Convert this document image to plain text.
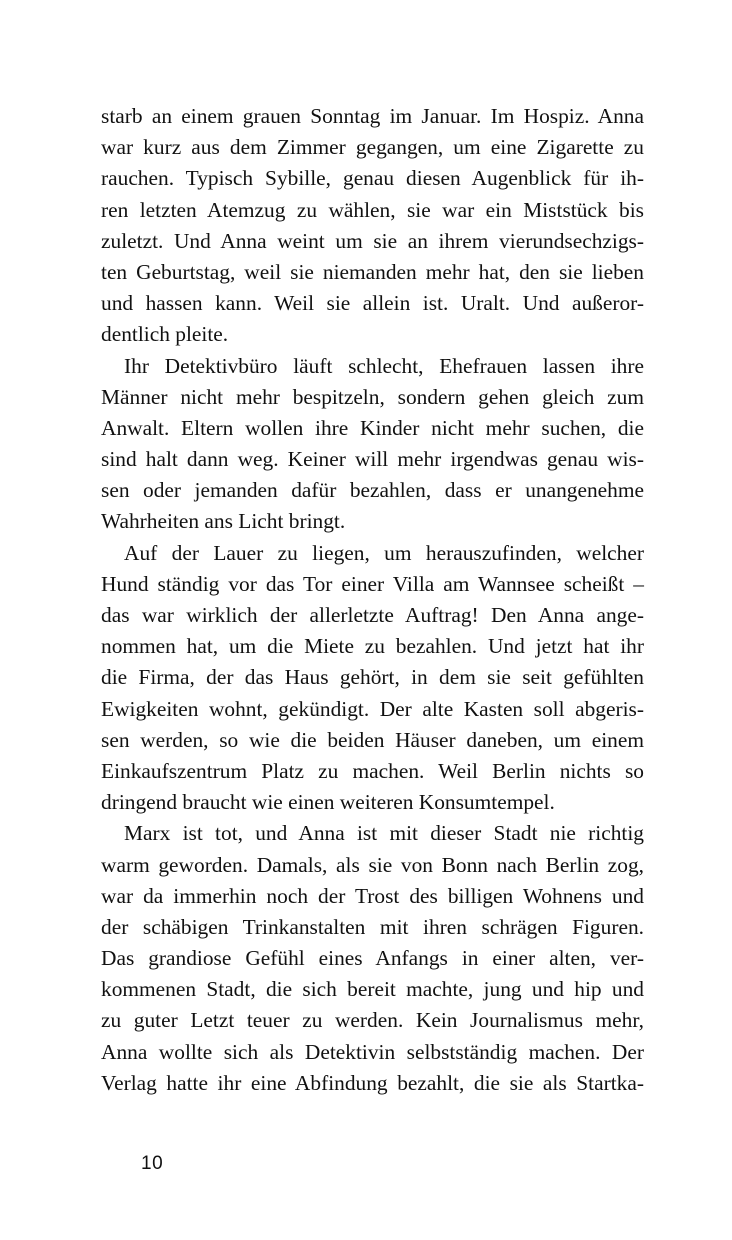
starb an einem grauen Sonntag im Januar. Im Hospiz. Anna
war kurz aus dem Zimmer gegangen, um eine Zigarette zu
rauchen. Typisch Sybille, genau diesen Augenblick für ih-
ren letzten Atemzug zu wählen, sie war ein Miststück bis
zuletzt. Und Anna weint um sie an ihrem vierundsechzigs-
ten Geburtstag, weil sie niemanden mehr hat, den sie lieben
und hassen kann. Weil sie allein ist. Uralt. Und außeror-
dentlich pleite.
Ihr Detektivbüro läuft schlecht, Ehefrauen lassen ihre
Männer nicht mehr bespitzeln, sondern gehen gleich zum
Anwalt. Eltern wollen ihre Kinder nicht mehr suchen, die
sind halt dann weg. Keiner will mehr irgendwas genau wis-
sen oder jemanden dafür bezahlen, dass er unangenehme
Wahrheiten ans Licht bringt.
Auf der Lauer zu liegen, um herauszufinden, welcher
Hund ständig vor das Tor einer Villa am Wannsee scheißt –
das war wirklich der allerletzte Auftrag! Den Anna ange-
nommen hat, um die Miete zu bezahlen. Und jetzt hat ihr
die Firma, der das Haus gehört, in dem sie seit gefühlten
Ewigkeiten wohnt, gekündigt. Der alte Kasten soll abgeris-
sen werden, so wie die beiden Häuser daneben, um einem
Einkaufszentrum Platz zu machen. Weil Berlin nichts so
dringend braucht wie einen weiteren Konsumtempel.
Marx ist tot, und Anna ist mit dieser Stadt nie richtig
warm geworden. Damals, als sie von Bonn nach Berlin zog,
war da immerhin noch der Trost des billigen Wohnens und
der schäbigen Trinkanstalten mit ihren schrägen Figuren.
Das grandiose Gefühl eines Anfangs in einer alten, ver-
kommenen Stadt, die sich bereit machte, jung und hip und
zu guter Letzt teuer zu werden. Kein Journalismus mehr,
Anna wollte sich als Detektivin selbstständig machen. Der
Verlag hatte ihr eine Abfindung bezahlt, die sie als Startka-
10
